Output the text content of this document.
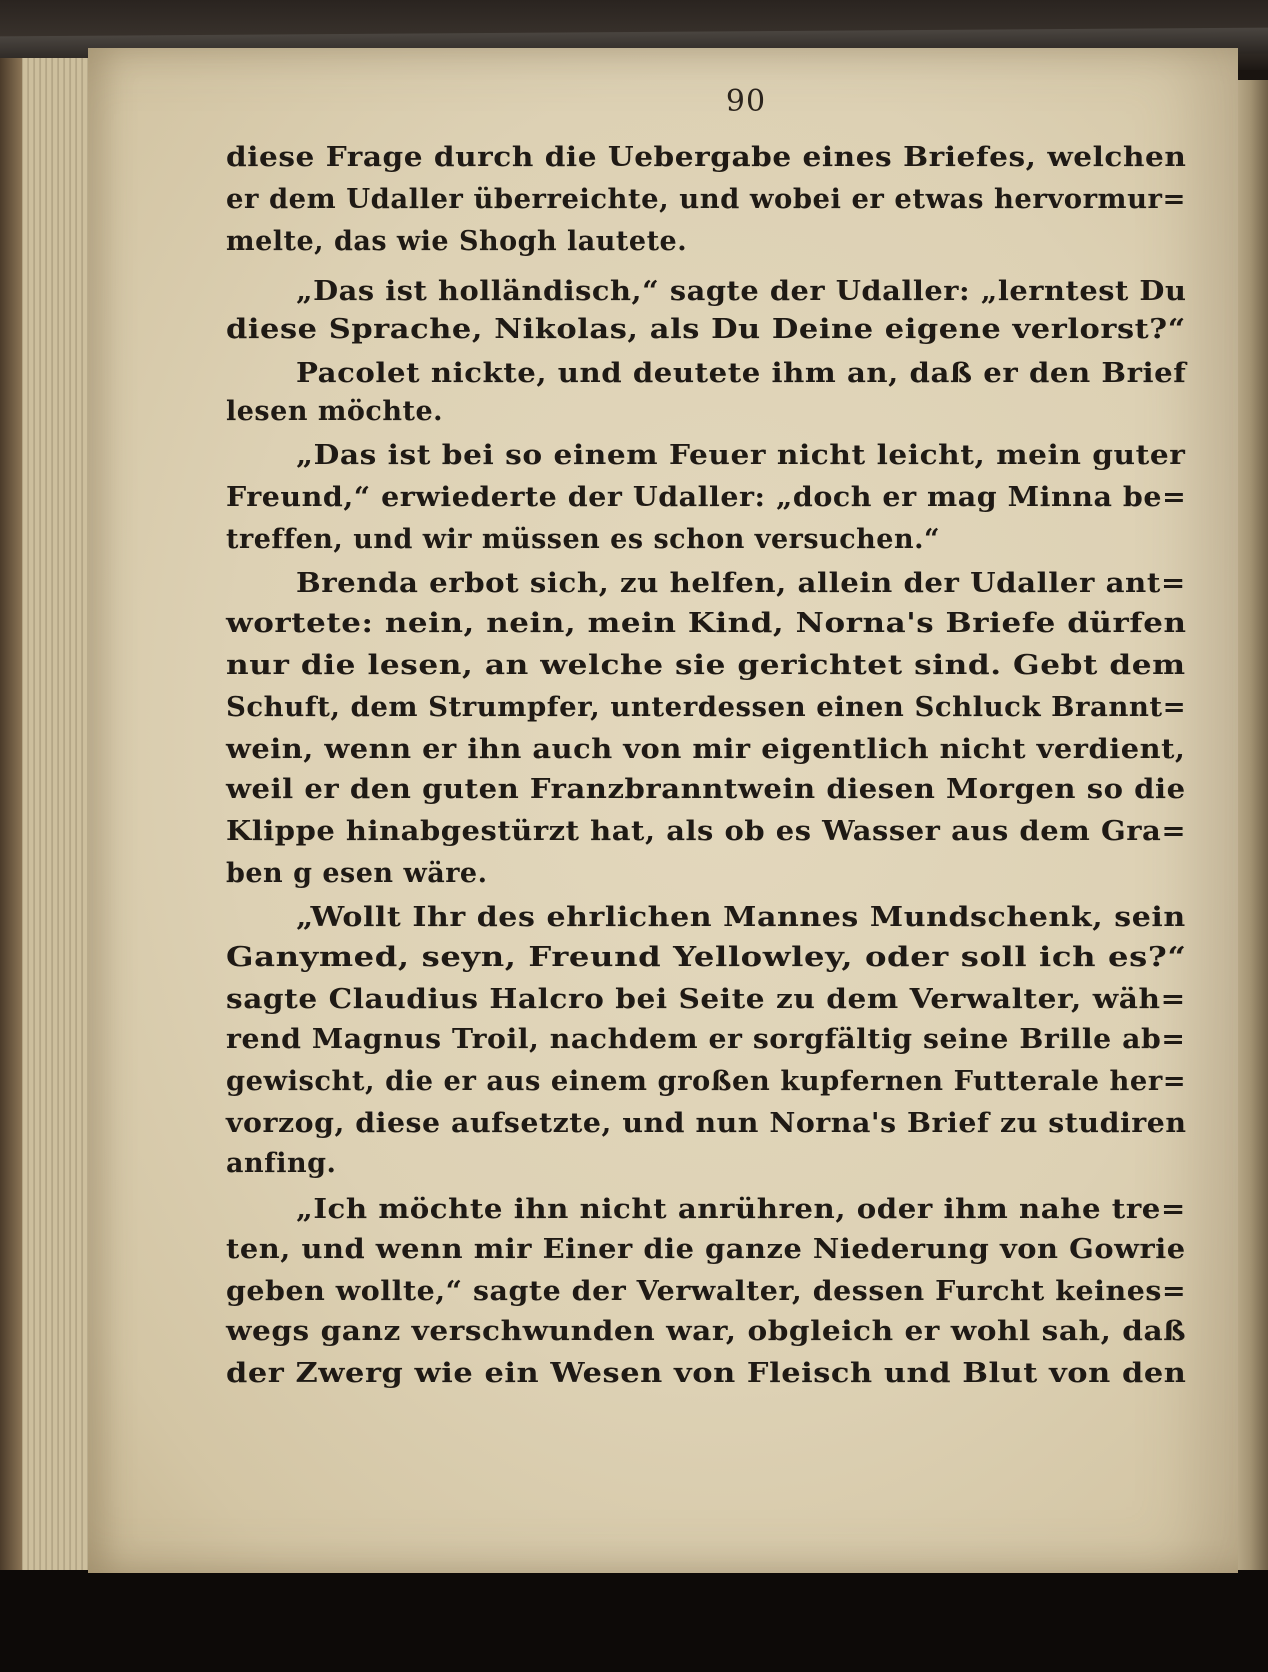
90
diese Frage durch die Uebergabe eines Briefes, welchen
er dem Udaller überreichte, und wobei er etwas hervormur=
melte, das wie Shogh lautete.
„Das ist holländisch,“ sagte der Udaller: „lerntest Du
diese Sprache, Nikolas, als Du Deine eigene verlorst?“
Pacolet nickte, und deutete ihm an, daß er den Brief
lesen möchte.
„Das ist bei so einem Feuer nicht leicht, mein guter
Freund,“ erwiederte der Udaller: „doch er mag Minna be=
treffen, und wir müssen es schon versuchen.“
Brenda erbot sich, zu helfen, allein der Udaller ant=
wortete: nein, nein, mein Kind, Norna's Briefe dürfen
nur die lesen, an welche sie gerichtet sind. Gebt dem
Schuft, dem Strumpfer, unterdessen einen Schluck Brannt=
wein, wenn er ihn auch von mir eigentlich nicht verdient,
weil er den guten Franzbranntwein diesen Morgen so die
Klippe hinabgestürzt hat, als ob es Wasser aus dem Gra=
ben g esen wäre.
„Wollt Ihr des ehrlichen Mannes Mundschenk, sein
Ganymed, seyn, Freund Yellowley, oder soll ich es?“
sagte Claudius Halcro bei Seite zu dem Verwalter, wäh=
rend Magnus Troil, nachdem er sorgfältig seine Brille ab=
gewischt, die er aus einem großen kupfernen Futterale her=
vorzog, diese aufsetzte, und nun Norna's Brief zu studiren
anfing.
„Ich möchte ihn nicht anrühren, oder ihm nahe tre=
ten, und wenn mir Einer die ganze Niederung von Gowrie
geben wollte,“ sagte der Verwalter, dessen Furcht keines=
wegs ganz verschwunden war, obgleich er wohl sah, daß
der Zwerg wie ein Wesen von Fleisch und Blut von den
